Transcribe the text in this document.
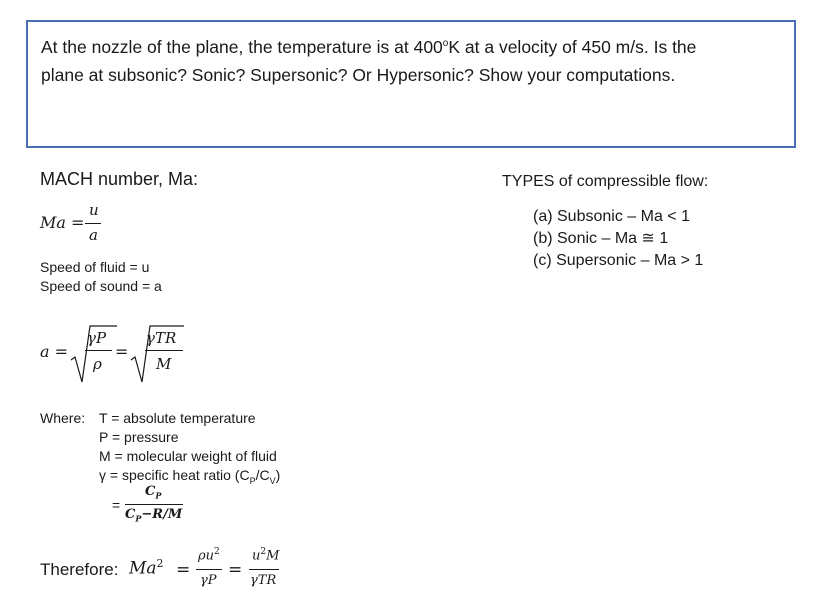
At the nozzle of the plane, the temperature is at 400$^o$K at a velocity of 450 m/s. Is the
plane at subsonic? Sonic? Supersonic? Or Hypersonic? Show your computations.
MACH number, Ma:
Ma =
u
a
Speed of fluid = u
Speed of sound = a
a =
γP
ρ
=
γTR
M
Where: T = absolute temperature
P = pressure
M = molecular weight of fluid
γ = specific heat ratio $(C_P/C_V)$
=
$C_P$
$C_P-R/M$
Therefore: $Ma^2$ =
$\rho u^2$
γP
=
$u^2M$
γTR
TYPES of compressible flow:
(a) Subsonic – Ma < 1
(b) Sonic – Ma ≅ 1
(c) Supersonic – Ma > 1
